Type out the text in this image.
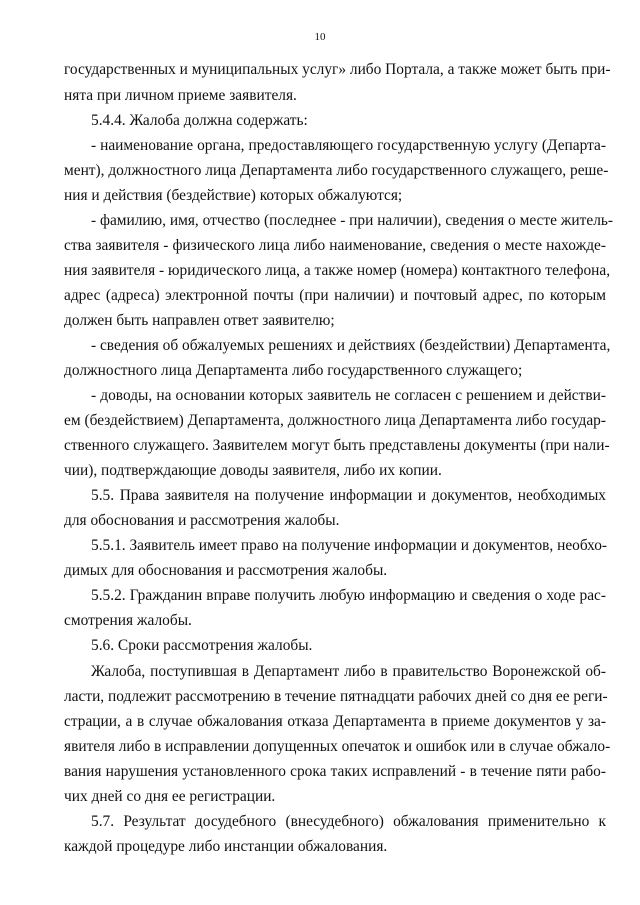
10
государственных и муниципальных услуг» либо Портала, а также может быть при-
нята при личном приеме заявителя.
5.4.4. Жалоба должна содержать:
- наименование органа, предоставляющего государственную услугу (Департа-
мент), должностного лица Департамента либо государственного служащего, реше-
ния и действия (бездействие) которых обжалуются;
- фамилию, имя, отчество (последнее - при наличии), сведения о месте житель-
ства заявителя - физического лица либо наименование, сведения о месте нахожде-
ния заявителя - юридического лица, а также номер (номера) контактного телефона,
адрес (адреса) электронной почты (при наличии) и почтовый адрес, по которым
должен быть направлен ответ заявителю;
- сведения об обжалуемых решениях и действиях (бездействии) Департамента,
должностного лица Департамента либо государственного служащего;
- доводы, на основании которых заявитель не согласен с решением и действи-
ем (бездействием) Департамента, должностного лица Департамента либо государ-
ственного служащего. Заявителем могут быть представлены документы (при нали-
чии), подтверждающие доводы заявителя, либо их копии.
5.5. Права заявителя на получение информации и документов, необходимых
для обоснования и рассмотрения жалобы.
5.5.1. Заявитель имеет право на получение информации и документов, необхо-
димых для обоснования и рассмотрения жалобы.
5.5.2. Гражданин вправе получить любую информацию и сведения о ходе рас-
смотрения жалобы.
5.6. Сроки рассмотрения жалобы.
Жалоба, поступившая в Департамент либо в правительство Воронежской об-
ласти, подлежит рассмотрению в течение пятнадцати рабочих дней со дня ее реги-
страции, а в случае обжалования отказа Департамента в приеме документов у за-
явителя либо в исправлении допущенных опечаток и ошибок или в случае обжало-
вания нарушения установленного срока таких исправлений - в течение пяти рабо-
чих дней со дня ее регистрации.
5.7. Результат досудебного (внесудебного) обжалования применительно к
каждой процедуре либо инстанции обжалования.
